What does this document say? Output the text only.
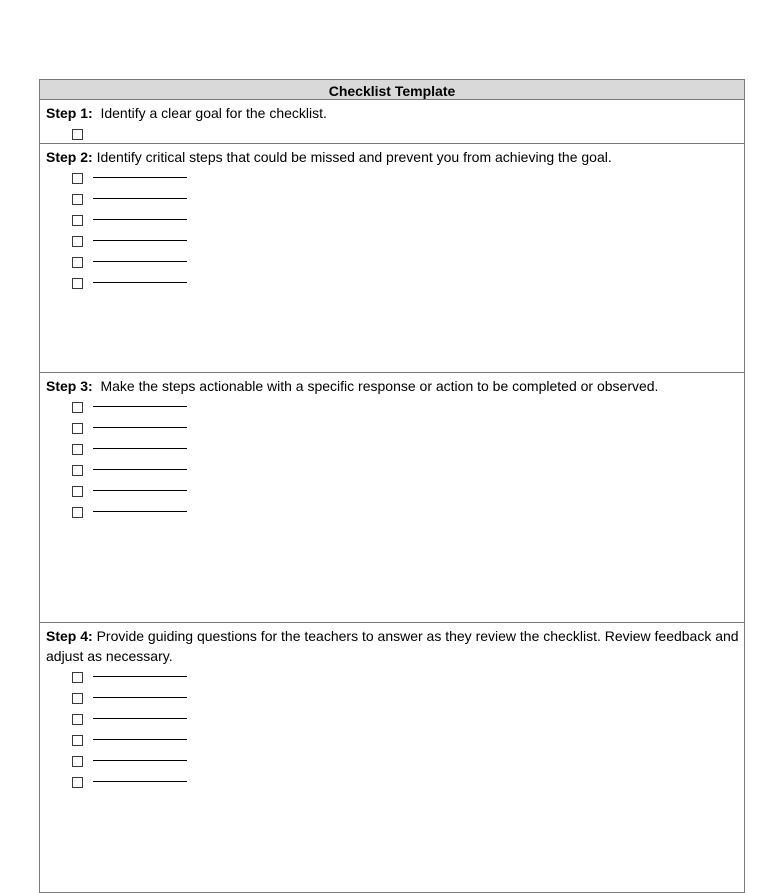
Checklist Template
Step 1: Identify a clear goal for the checklist.
Step 2: Identify critical steps that could be missed and prevent you from achieving the goal.
Step 3: Make the steps actionable with a specific response or action to be completed or observed.
Step 4: Provide guiding questions for the teachers to answer as they review the checklist. Review feedback and adjust as necessary.
